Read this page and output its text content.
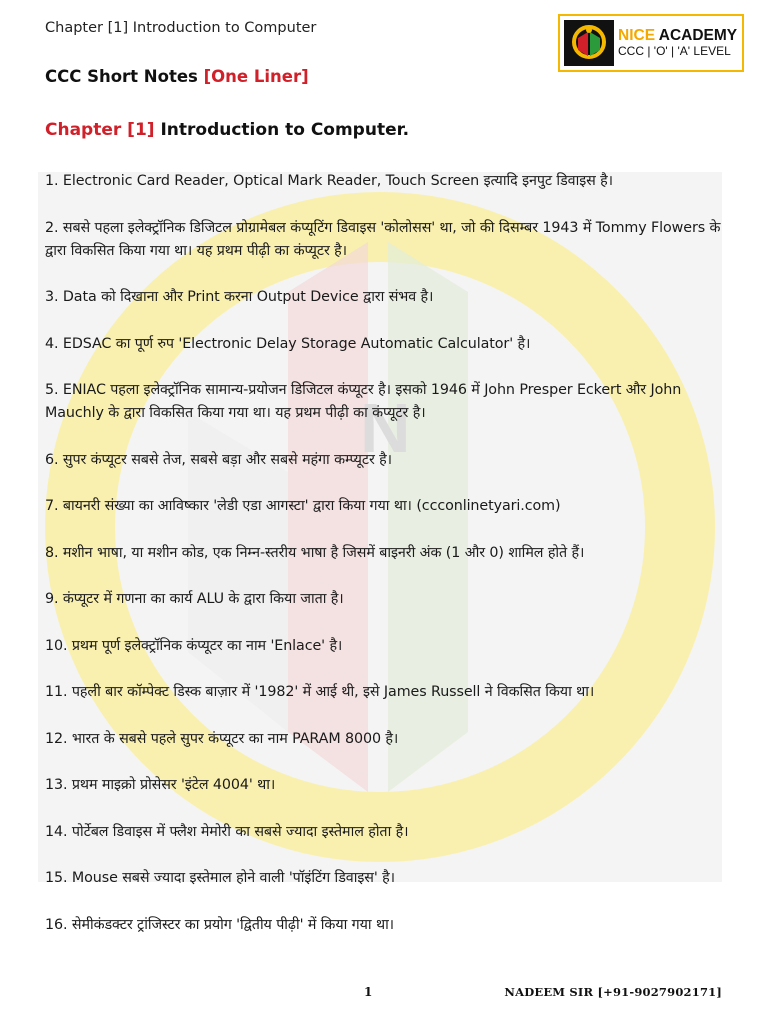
N
Chapter [1] Introduction to Computer	NICE ACADEMY
CCC | 'O' | 'A' LEVEL
CCC Short Notes [One Liner]
Chapter [1] Introduction to Computer.
1. Electronic Card Reader, Optical Mark Reader, Touch Screen इत्यादि इनपुट डिवाइस है।
2. सबसे पहला इलेक्ट्रॉनिक डिजिटल प्रोग्रामेबल कंप्यूटिंग डिवाइस 'कोलोसस' था, जो की दिसम्बर 1943 में Tommy Flowers के द्वारा विकसित किया गया था। यह प्रथम पीढ़ी का कंप्यूटर है।
3. Data को दिखाना और Print करना Output Device द्वारा संभव है।
4. EDSAC का पूर्ण रुप 'Electronic Delay Storage Automatic Calculator' है।
5. ENIAC पहला इलेक्ट्रॉनिक सामान्य-प्रयोजन डिजिटल कंप्यूटर है। इसको 1946 में John Presper Eckert और John Mauchly के द्वारा विकसित किया गया था। यह प्रथम पीढ़ी का कंप्यूटर है।
6. सुपर कंप्यूटर सबसे तेज, सबसे बड़ा और सबसे महंगा कम्प्यूटर है।
7. बायनरी संख्या का आविष्कार 'लेडी एडा आगस्टा' द्वारा किया गया था। (ccconlinetyari.com)
8. मशीन भाषा, या मशीन कोड, एक निम्न-स्तरीय भाषा है जिसमें बाइनरी अंक (1 और 0) शामिल होते हैं।
9. कंप्यूटर में गणना का कार्य ALU के द्वारा किया जाता है।
10. प्रथम पूर्ण इलेक्ट्रॉनिक कंप्यूटर का नाम 'Enlace' है।
11. पहली बार कॉम्पेक्ट डिस्क बाज़ार में '1982' में आई थी, इसे James Russell ने विकसित किया था।
12. भारत के सबसे पहले सुपर कंप्यूटर का नाम PARAM 8000 है।
13. प्रथम माइक्रो प्रोसेसर 'इंटेल 4004' था।
14. पोर्टेबल डिवाइस में फ्लैश मेमोरी का सबसे ज्यादा इस्तेमाल होता है।
15. Mouse सबसे ज्यादा इस्तेमाल होने वाली 'पॉइंटिंग डिवाइस' है।
16. सेमीकंडक्टर ट्रांजिस्टर का प्रयोग 'द्वितीय पीढ़ी' में किया गया था।
1	NADEEM SIR [+91-9027902171]
